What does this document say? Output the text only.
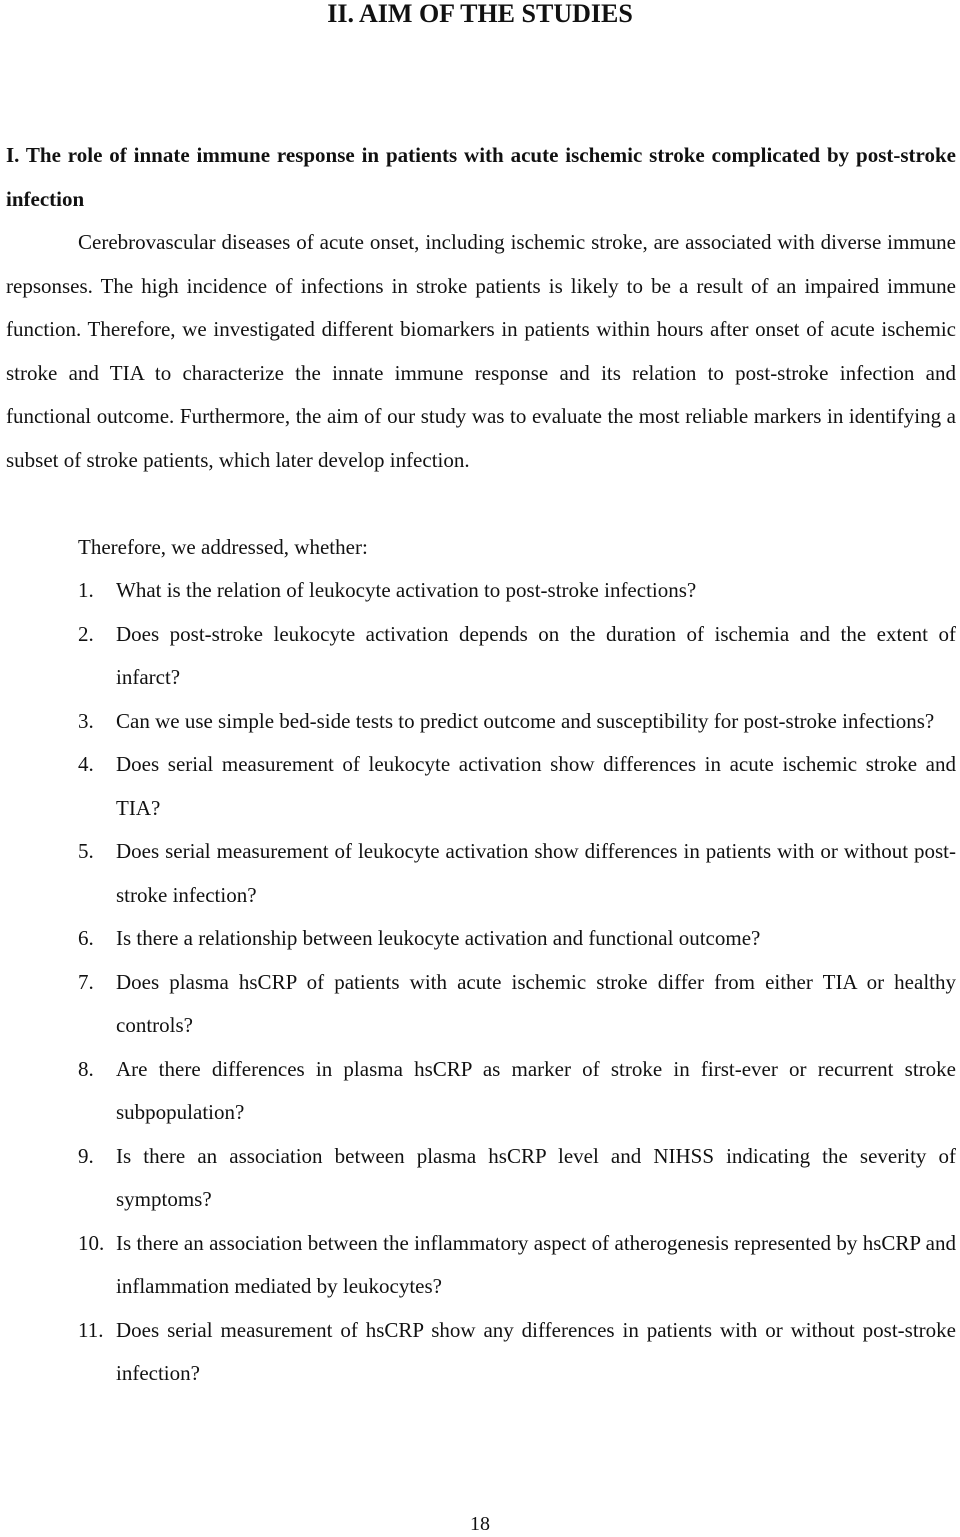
II. AIM OF THE STUDIES

I. The role of innate immune response in patients with acute ischemic stroke complicated by post-stroke infection

Cerebrovascular diseases of acute onset, including ischemic stroke, are associated with diverse immune repsonses. The high incidence of infections in stroke patients is likely to be a result of an impaired immune function. Therefore, we investigated different biomarkers in patients within hours after onset of acute ischemic stroke and TIA to characterize the innate immune response and its relation to post-stroke infection and functional outcome. Furthermore, the aim of our study was to evaluate the most reliable markers in identifying a subset of stroke patients, which later develop infection.

Therefore, we addressed, whether:

1. What is the relation of leukocyte activation to post-stroke infections?
2. Does post-stroke leukocyte activation depends on the duration of ischemia and the extent of infarct?
3. Can we use simple bed-side tests to predict outcome and susceptibility for post-stroke infections?
4. Does serial measurement of leukocyte activation show differences in acute ischemic stroke and TIA?
5. Does serial measurement of leukocyte activation show differences in patients with or without post-stroke infection?
6. Is there a relationship between leukocyte activation and functional outcome?
7. Does plasma hsCRP of patients with acute ischemic stroke differ from either TIA or healthy controls?
8. Are there differences in plasma hsCRP as marker of stroke in first-ever or recurrent stroke subpopulation?
9. Is there an association between plasma hsCRP level and NIHSS indicating the severity of symptoms?
10. Is there an association between the inflammatory aspect of atherogenesis represented by hsCRP and inflammation mediated by leukocytes?
11. Does serial measurement of hsCRP show any differences in patients with or without post-stroke infection?
18
